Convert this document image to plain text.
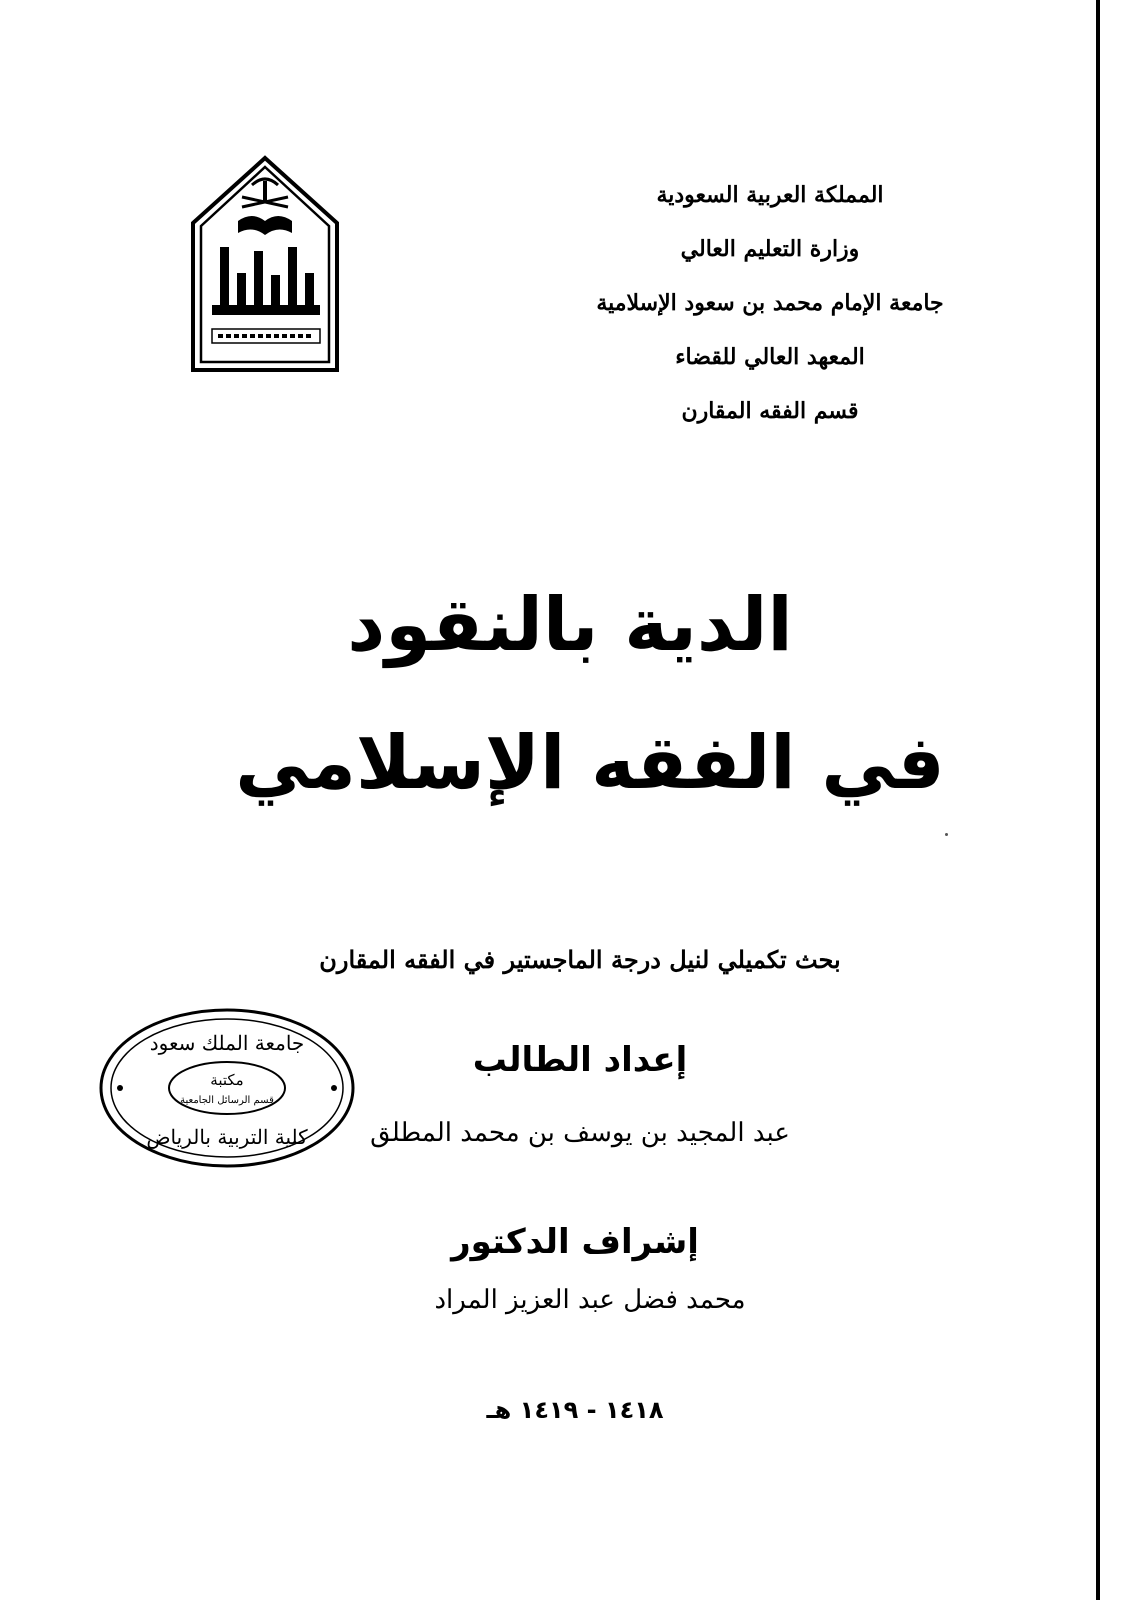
المملكة العربية السعودية
وزارة التعليم العالي
جامعة الإمام محمد بن سعود الإسلامية
المعهد العالي للقضاء
قسم الفقه المقارن
الدية بالنقود
في الفقه الإسلامي
بحث تكميلي لنيل درجة الماجستير في الفقه المقارن
إعداد الطالب
عبد المجيد بن يوسف بن محمد المطلق
إشراف الدكتور
محمد فضل عبد العزيز المراد
١٤١٨ - ١٤١٩ هـ
جامعة الملك سعود
مكتبة
قسم الرسائل الجامعية
كلية التربية بالرياض
